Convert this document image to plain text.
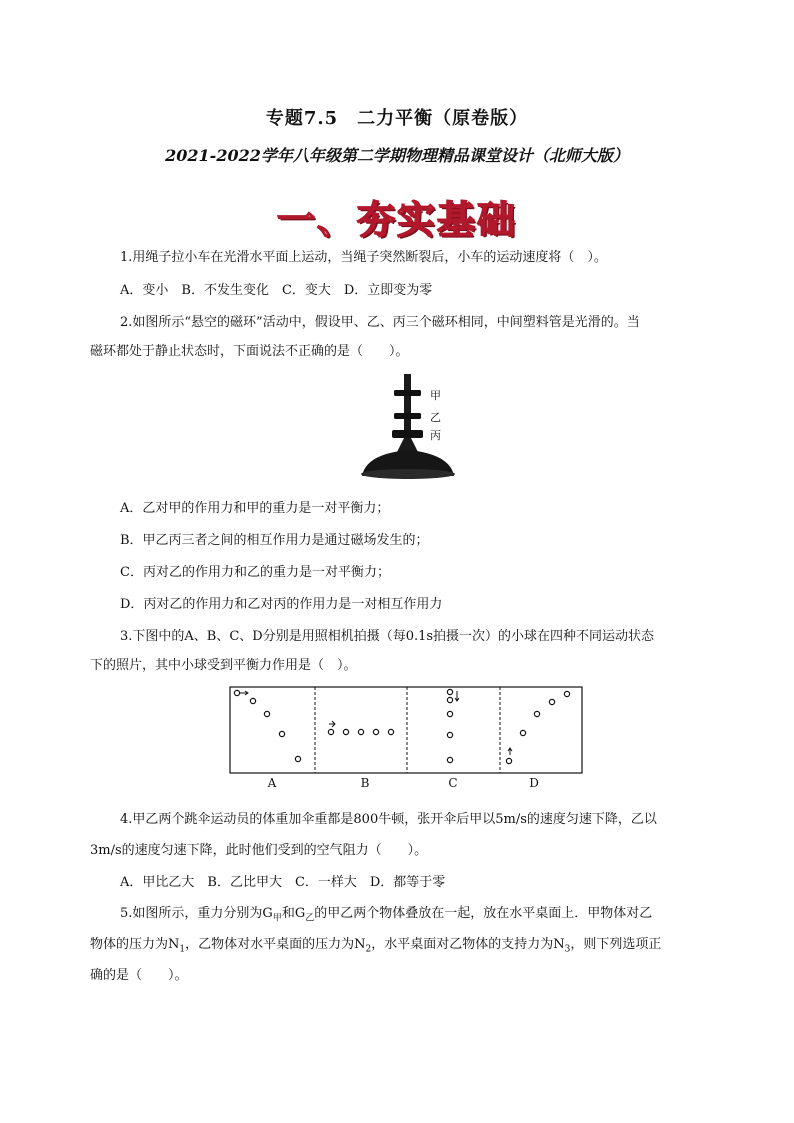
专题7.5　二力平衡（原卷版）
2021-2022学年八年级第二学期物理精品课堂设计（北师大版）
一、夯实基础
1.用绳子拉小车在光滑水平面上运动，当绳子突然断裂后，小车的运动速度将（　）。
A．变小　B．不发生变化　C．变大　D．立即变为零
2.如图所示“悬空的磁环”活动中，假设甲、乙、丙三个磁环相同，中间塑料管是光滑的。当
磁环都处于静止状态时，下面说法不正确的是（　　）。
甲
乙
丙
A．乙对甲的作用力和甲的重力是一对平衡力；
B．甲乙丙三者之间的相互作用力是通过磁场发生的；
C．丙对乙的作用力和乙的重力是一对平衡力；
D．丙对乙的作用力和乙对丙的作用力是一对相互作用力
3.下图中的A、B、C、D分别是用照相机拍摄（每0.1s拍摄一次）的小球在四种不同运动状态
下的照片，其中小球受到平衡力作用是（　）。
A	B	C	D
4.甲乙两个跳伞运动员的体重加伞重都是800牛顿，张开伞后甲以5m/s的速度匀速下降，乙以
3m/s的速度匀速下降，此时他们受到的空气阻力（　　）。
A．甲比乙大　B．乙比甲大　C．一样大　D．都等于零
5.如图所示，重力分别为$G_甲$和$G_乙$的甲乙两个物体叠放在一起，放在水平桌面上．甲物体对乙
物体的压力为$N_1$，乙物体对水平桌面的压力为$N_2$，水平桌面对乙物体的支持力为$N_3$，则下列选项正
确的是（　　）。
